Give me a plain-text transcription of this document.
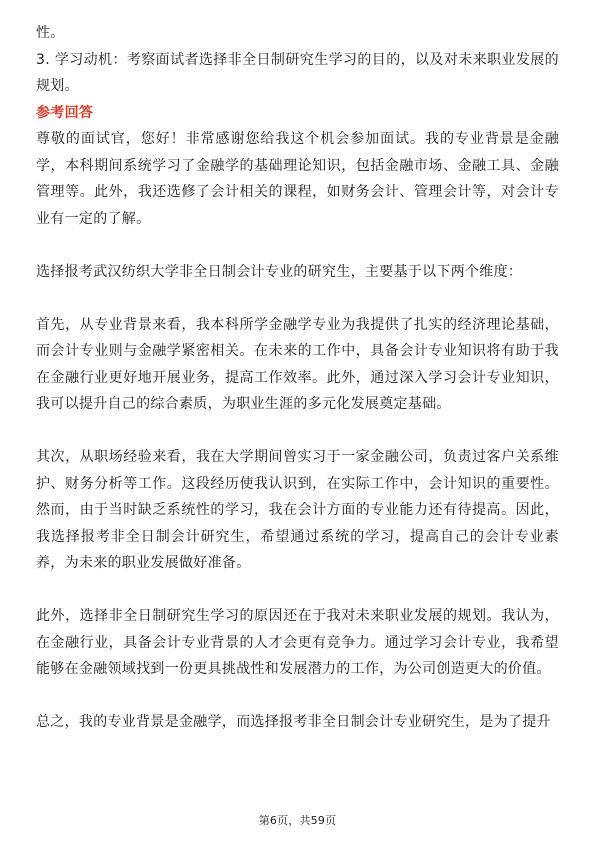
性。

3. 学习动机：考察面试者选择非全日制研究生学习的目的，以及对未来职业发展的规划。

参考回答

尊敬的面试官，您好！非常感谢您给我这个机会参加面试。我的专业背景是金融学，本科期间系统学习了金融学的基础理论知识，包括金融市场、金融工具、金融管理等。此外，我还选修了会计相关的课程，如财务会计、管理会计等，对会计专业有一定的了解。

选择报考武汉纺织大学非全日制会计专业的研究生，主要基于以下两个维度：

首先，从专业背景来看，我本科所学金融学专业为我提供了扎实的经济理论基础，而会计专业则与金融学紧密相关。在未来的工作中，具备会计专业知识将有助于我在金融行业更好地开展业务，提高工作效率。此外，通过深入学习会计专业知识，我可以提升自己的综合素质，为职业生涯的多元化发展奠定基础。

其次，从职场经验来看，我在大学期间曾实习于一家金融公司，负责过客户关系维护、财务分析等工作。这段经历使我认识到，在实际工作中，会计知识的重要性。然而，由于当时缺乏系统性的学习，我在会计方面的专业能力还有待提高。因此，我选择报考非全日制会计研究生，希望通过系统的学习，提高自己的会计专业素养，为未来的职业发展做好准备。

此外，选择非全日制研究生学习的原因还在于我对未来职业发展的规划。我认为，在金融行业，具备会计专业背景的人才会更有竞争力。通过学习会计专业，我希望能够在金融领域找到一份更具挑战性和发展潜力的工作，为公司创造更大的价值。

总之，我的专业背景是金融学，而选择报考非全日制会计专业研究生，是为了提升

第6页，共59页
